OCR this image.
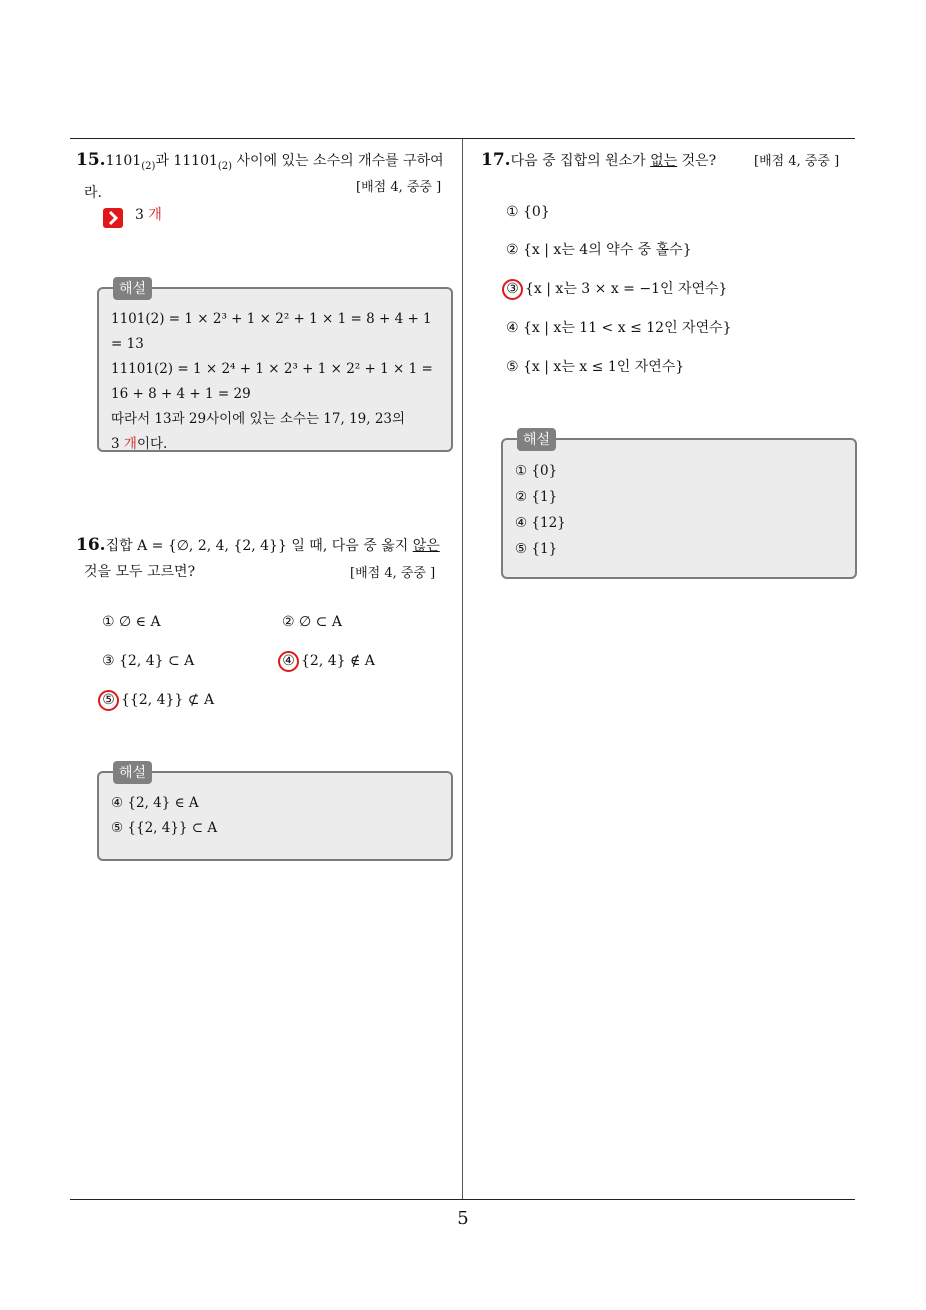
$15.1101_{(2)}$과 $11101_{(2)}$ 사이에 있는 소수의 개수를 구하여
라.	[배점 4, 중중 ]
3 개
해설
1101(2) = 1 × 2³ + 1 × 2² + 1 × 1 = 8 + 4 + 1 = 13
11101(2) = 1 × 2⁴ + 1 × 2³ + 1 × 2² + 1 × 1 =
16 + 8 + 4 + 1 = 29
따라서 13과 29사이에 있는 소수는 17, 19, 23의
3 개이다.
16.집합 A = {∅, 2, 4, {2, 4}} 일 때, 다음 중 옳지 않은
것을 모두 고르면?	[배점 4, 중중 ]
① ∅ ∈ A	② ∅ ⊂ A
③ {2, 4} ⊂ A	④ {2, 4} ∉ A
⑤ {{2, 4}} ⊄ A
해설
④ {2, 4} ∈ A
⑤ {{2, 4}} ⊂ A
17.다음 중 집합의 원소가 없는 것은?	[배점 4, 중중 ]
① {0}
② {x | x는 4의 약수 중 홀수}
③ {x | x는 3 × x = −1인 자연수}
④ {x | x는 11 < x ≤ 12인 자연수}
⑤ {x | x는 x ≤ 1인 자연수}
해설
① {0}
② {1}
④ {12}
⑤ {1}
5
